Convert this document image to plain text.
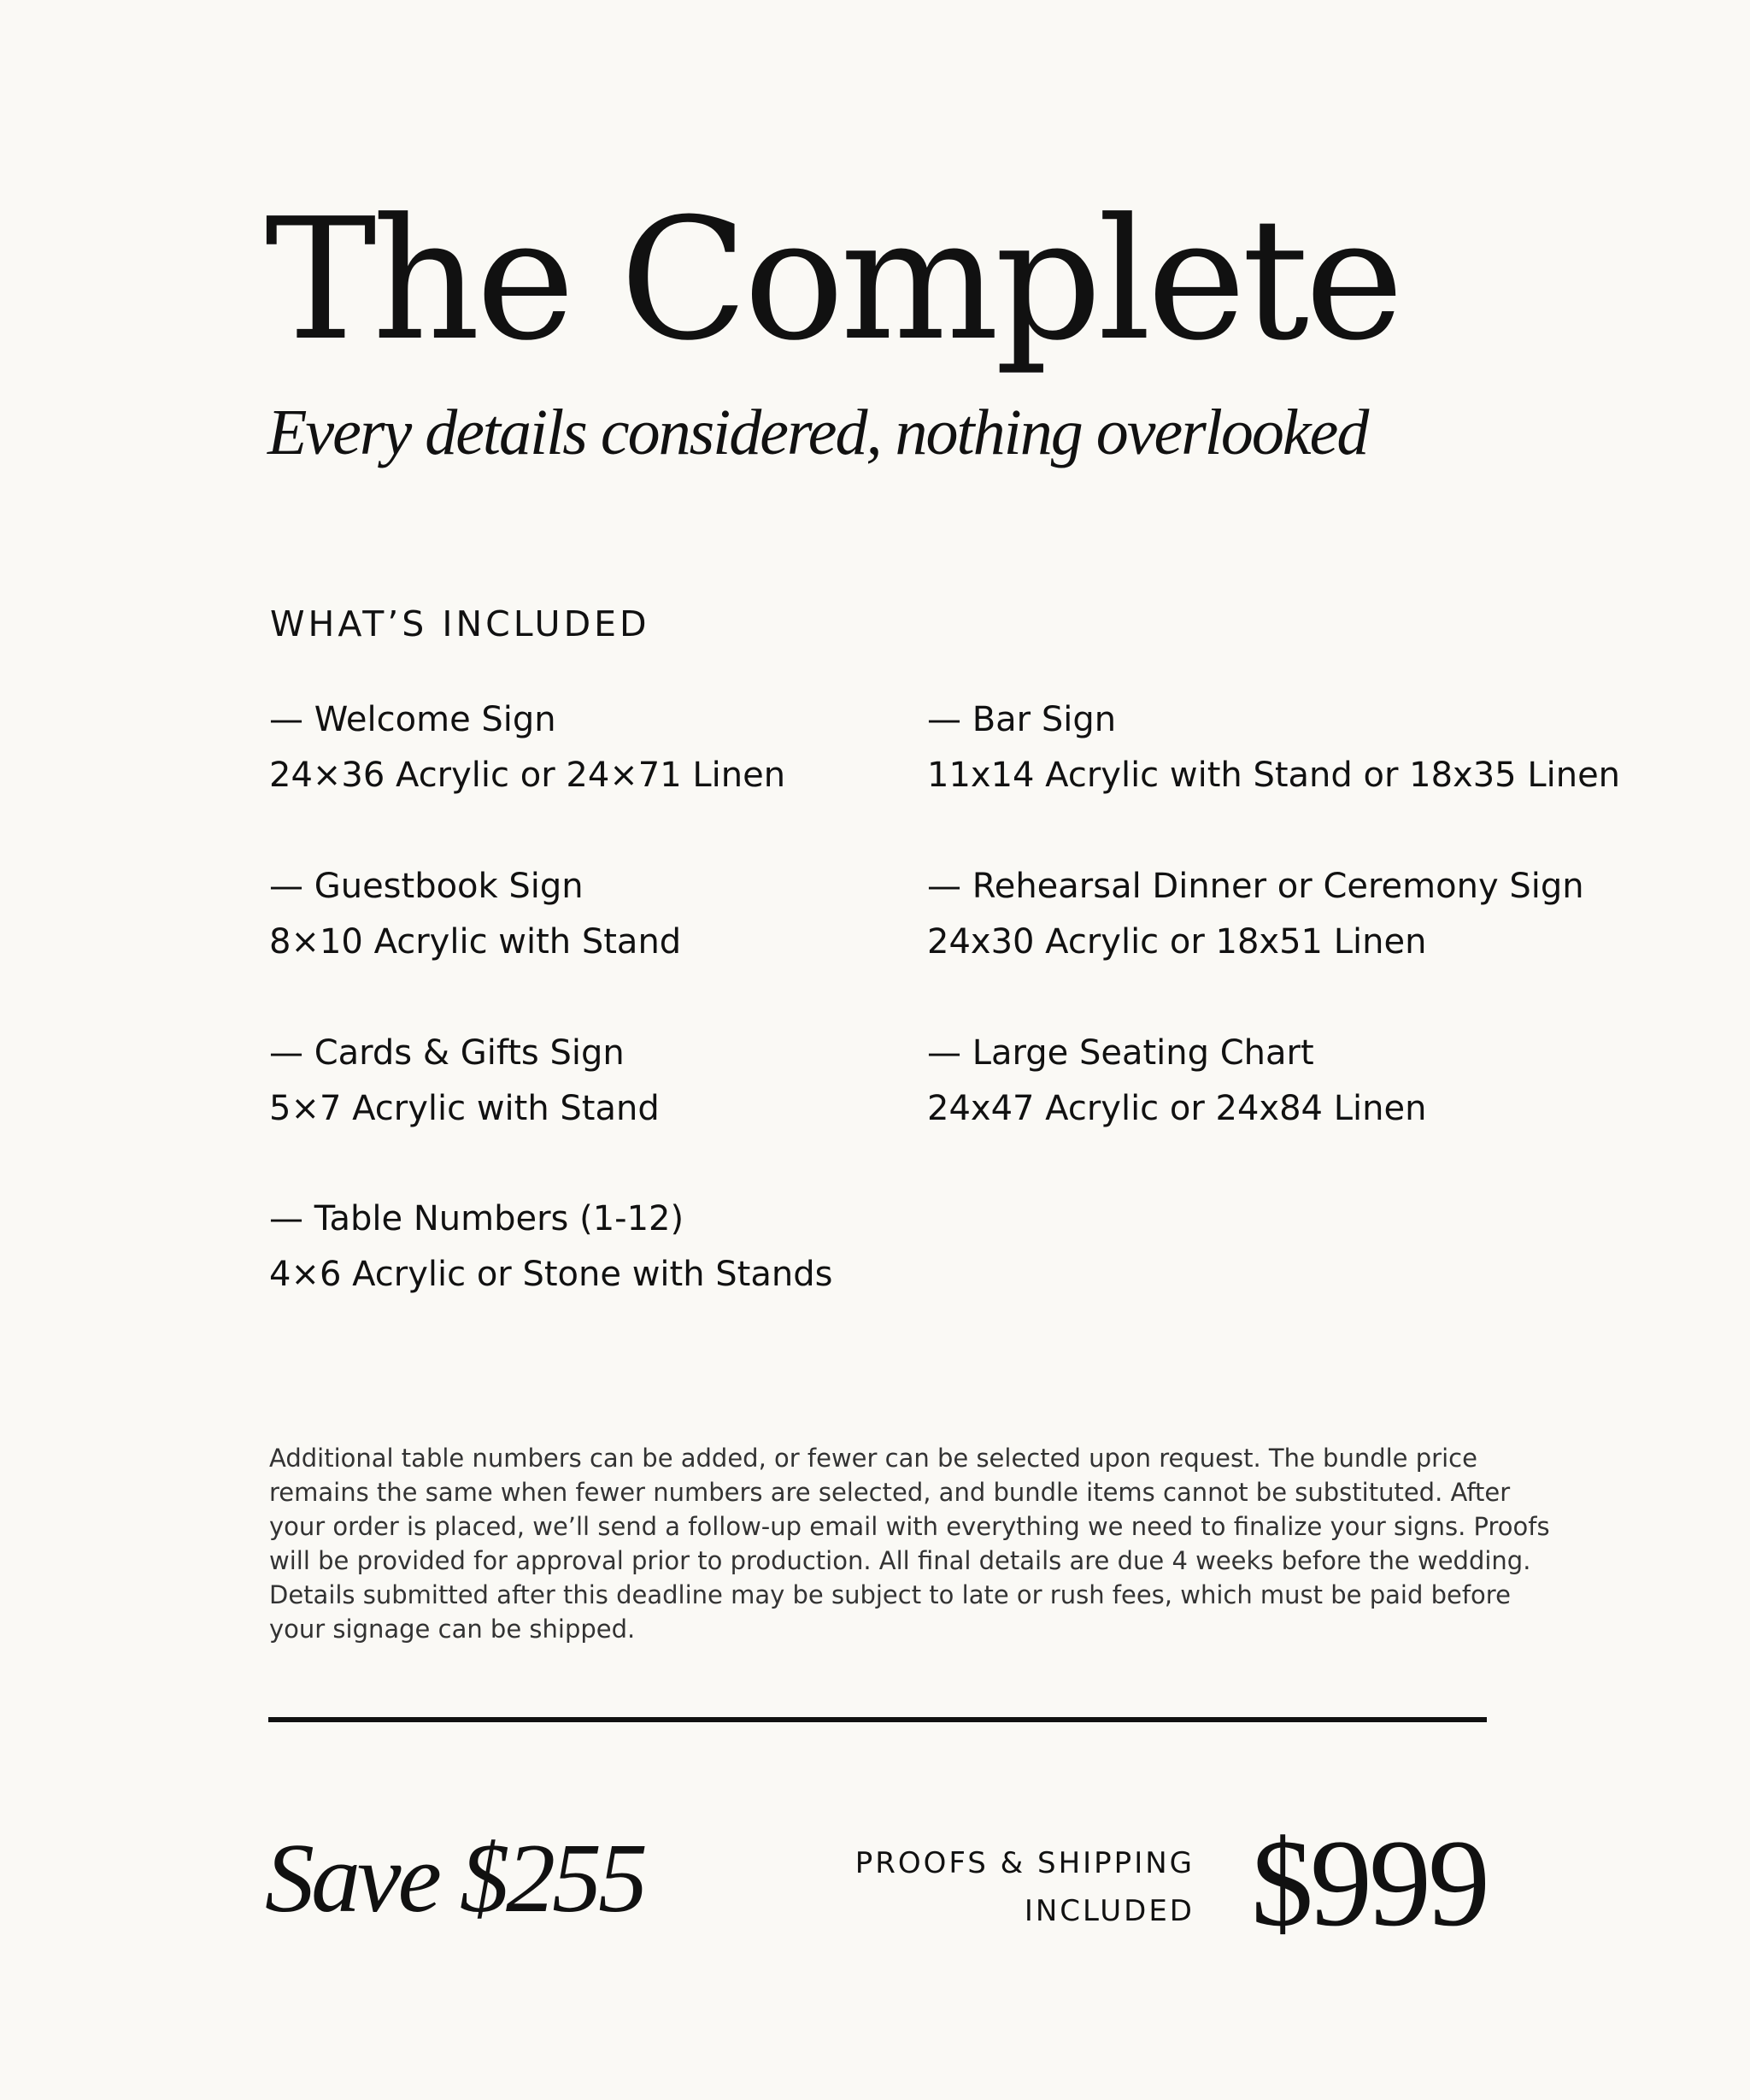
The Complete
Every details considered, nothing overlooked
WHAT’S INCLUDED
— Welcome Sign
24×36 Acrylic or 24×71 Linen
— Bar Sign
11x14 Acrylic with Stand or 18x35 Linen
— Guestbook Sign
8×10 Acrylic with Stand
— Rehearsal Dinner or Ceremony Sign
24x30 Acrylic or 18x51 Linen
— Cards & Gifts Sign
5×7 Acrylic with Stand
— Large Seating Chart
24x47 Acrylic or 24x84 Linen
— Table Numbers (1-12)
4×6 Acrylic or Stone with Stands
Additional table numbers can be added, or fewer can be selected upon request. The bundle price
remains the same when fewer numbers are selected, and bundle items cannot be substituted. After
your order is placed, we’ll send a follow-up email with everything we need to finalize your signs. Proofs
will be provided for approval prior to production. All final details are due 4 weeks before the wedding.
Details submitted after this deadline may be subject to late or rush fees, which must be paid before
your signage can be shipped.
Save $255	PROOFS & SHIPPING
INCLUDED $999
